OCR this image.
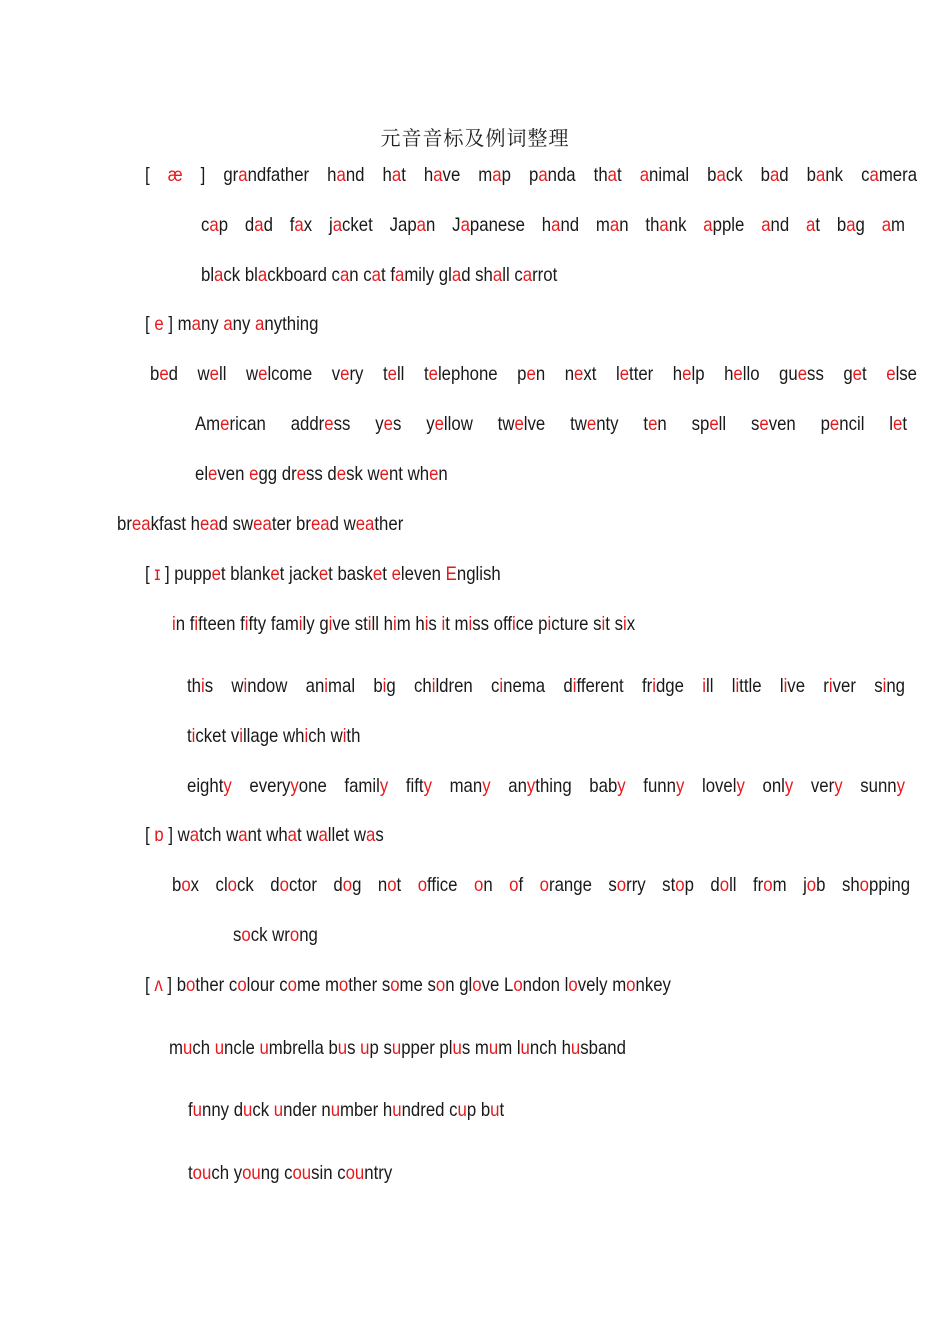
元音音标及例词整理
[ æ ] grandfather hand hat have map panda that animal back bad bank camera
cap dad fax jacket Japan Japanese hand man thank apple and at bag am
black blackboard can cat family glad shall carrot
[ e ] many any anything
bed well welcome very tell telephone pen next letter help hello guess get else
American address yes yellow twelve twenty ten spell seven pencil let
eleven egg dress desk went when
breakfast head sweater bread weather
[ ɪ ] puppet blanket jacket basket eleven English
in fifteen fifty family give still him his it miss office picture sit six
this window animal big children cinema different fridge ill little live river sing
ticket village which with
eighty everyyone family fifty many anything baby funny lovely only very sunny
[ ɒ ] watch want what wallet was
box clock doctor dog not office on of orange sorry stop doll from job shopping
sock wrong
[ ʌ ] bother colour come mother some son glove London lovely monkey
much uncle umbrella bus up supper plus mum lunch husband
funny duck under number hundred cup but
touch young cousin country
